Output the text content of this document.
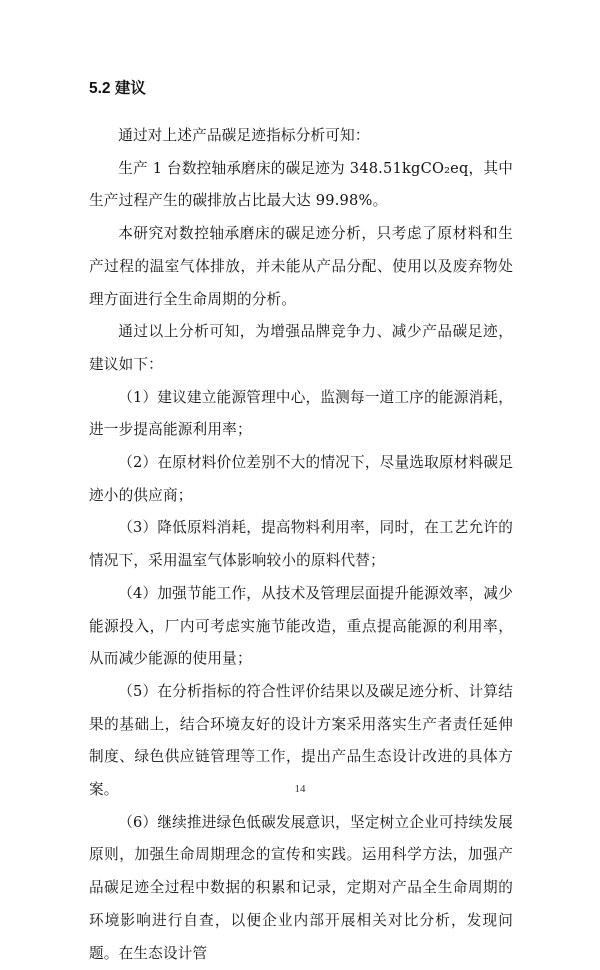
5.2 建议

通过对上述产品碳足迹指标分析可知：

生产 1 台数控轴承磨床的碳足迹为 348.51kgCO₂eq，其中生产过程产生的碳排放占比最大达 99.98%。

本研究对数控轴承磨床的碳足迹分析，只考虑了原材料和生产过程的温室气体排放，并未能从产品分配、使用以及废弃物处理方面进行全生命周期的分析。

通过以上分析可知，为增强品牌竞争力、减少产品碳足迹，建议如下：

（1）建议建立能源管理中心，监测每一道工序的能源消耗，进一步提高能源利用率；

（2）在原材料价位差别不大的情况下，尽量选取原材料碳足迹小的供应商；

（3）降低原料消耗，提高物料利用率，同时，在工艺允许的情况下，采用温室气体影响较小的原料代替；

（4）加强节能工作，从技术及管理层面提升能源效率，减少能源投入，厂内可考虑实施节能改造，重点提高能源的利用率，从而减少能源的使用量；

（5）在分析指标的符合性评价结果以及碳足迹分析、计算结果的基础上，结合环境友好的设计方案采用落实生产者责任延伸制度、绿色供应链管理等工作，提出产品生态设计改进的具体方案。

（6）继续推进绿色低碳发展意识，坚定树立企业可持续发展原则，加强生命周期理念的宣传和实践。运用科学方法，加强产品碳足迹全过程中数据的积累和记录，定期对产品全生命周期的环境影响进行自查，以便企业内部开展相关对比分析，发现问题。在生态设计管

14
